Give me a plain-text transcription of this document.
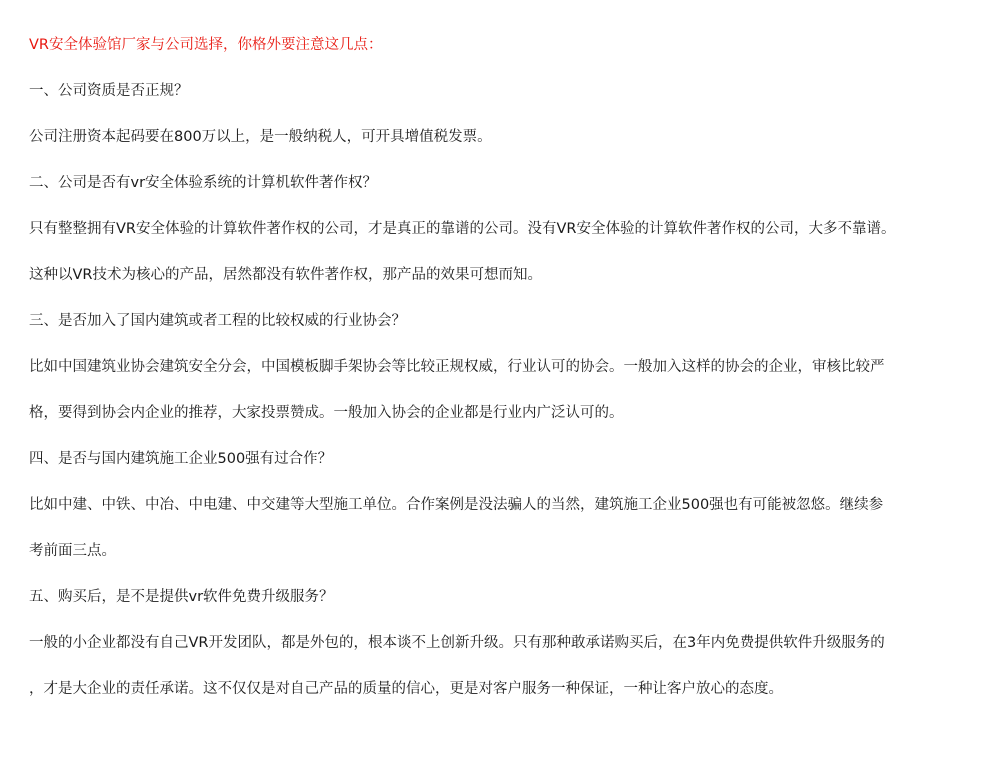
VR安全体验馆厂家与公司选择，你格外要注意这几点：

一、公司资质是否正规？

公司注册资本起码要在800万以上，是一般纳税人，可开具增值税发票。

二、公司是否有vr安全体验系统的计算机软件著作权？

只有整整拥有VR安全体验的计算软件著作权的公司，才是真正的靠谱的公司。没有VR安全体验的计算软件著作权的公司，大多不靠谱。

这种以VR技术为核心的产品，居然都没有软件著作权，那产品的效果可想而知。

三、是否加入了国内建筑或者工程的比较权威的行业协会？

比如中国建筑业协会建筑安全分会，中国模板脚手架协会等比较正规权威，行业认可的协会。一般加入这样的协会的企业，审核比较严

格，要得到协会内企业的推荐，大家投票赞成。一般加入协会的企业都是行业内广泛认可的。

四、是否与国内建筑施工企业500强有过合作？

比如中建、中铁、中冶、中电建、中交建等大型施工单位。合作案例是没法骗人的当然，建筑施工企业500强也有可能被忽悠。继续参

考前面三点。

五、购买后，是不是提供vr软件免费升级服务？

一般的小企业都没有自己VR开发团队，都是外包的，根本谈不上创新升级。只有那种敢承诺购买后，在3年内免费提供软件升级服务的

，才是大企业的责任承诺。这不仅仅是对自己产品的质量的信心，更是对客户服务一种保证，一种让客户放心的态度。
